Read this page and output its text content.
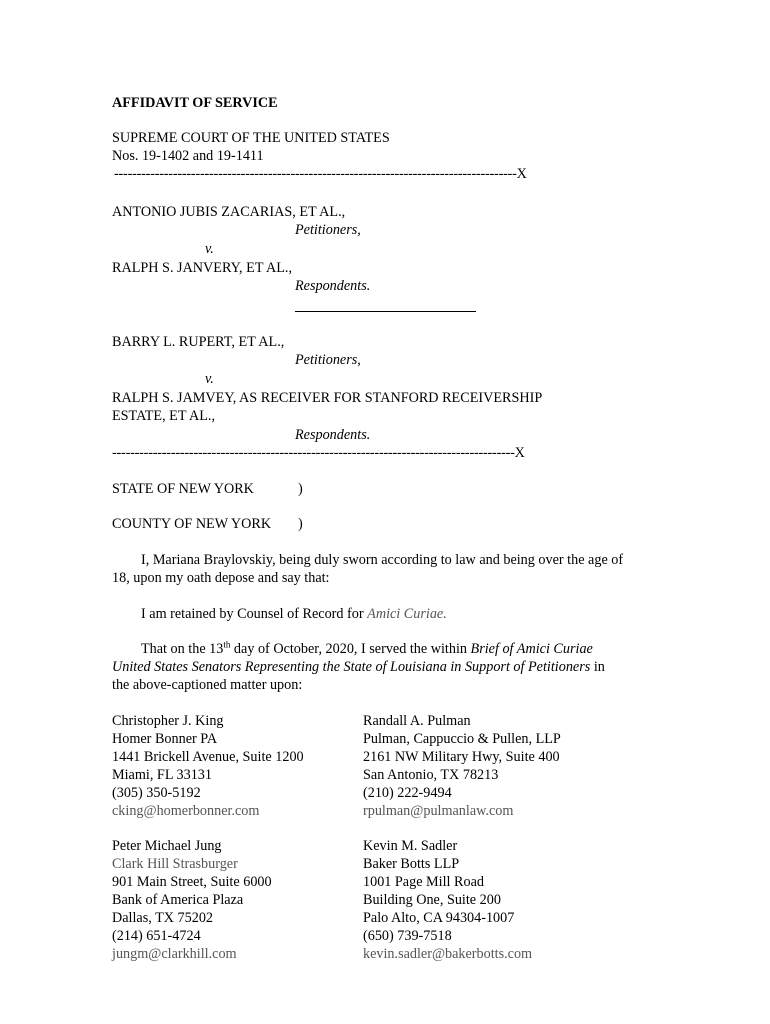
AFFIDAVIT OF SERVICE
SUPREME COURT OF THE UNITED STATES
Nos. 19-1402 and 19-1411
-----------------------------------------------------------------------------------------X
ANTONIO JUBIS ZACARIAS, ET AL.,
Petitioners,
v.
RALPH S. JANVERY, ET AL.,
Respondents.
BARRY L. RUPERT, ET AL.,
Petitioners,
v.
RALPH S. JAMVEY, AS RECEIVER FOR STANFORD RECEIVERSHIP
ESTATE, ET AL.,
Respondents.
-----------------------------------------------------------------------------------------X
STATE OF NEW YORK	)
COUNTY OF NEW YORK )
I, Mariana Braylovskiy, being duly sworn according to law and being over the age of
18, upon my oath depose and say that:
I am retained by Counsel of Record for Amici Curiae.
That on the 13th day of October, 2020, I served the within Brief of Amici Curiae
United States Senators Representing the State of Louisiana in Support of Petitioners in
the above-captioned matter upon:
Christopher J. King
Homer Bonner PA
1441 Brickell Avenue, Suite 1200
Miami, FL 33131
(305) 350-5192
cking@homerbonner.com
Randall A. Pulman
Pulman, Cappuccio & Pullen, LLP
2161 NW Military Hwy, Suite 400
San Antonio, TX 78213
(210) 222-9494
rpulman@pulmanlaw.com
Peter Michael Jung
Clark Hill Strasburger
901 Main Street, Suite 6000
Bank of America Plaza
Dallas, TX 75202
(214) 651-4724
jungm@clarkhill.com
Kevin M. Sadler
Baker Botts LLP
1001 Page Mill Road
Building One, Suite 200
Palo Alto, CA 94304-1007
(650) 739-7518
kevin.sadler@bakerbotts.com
